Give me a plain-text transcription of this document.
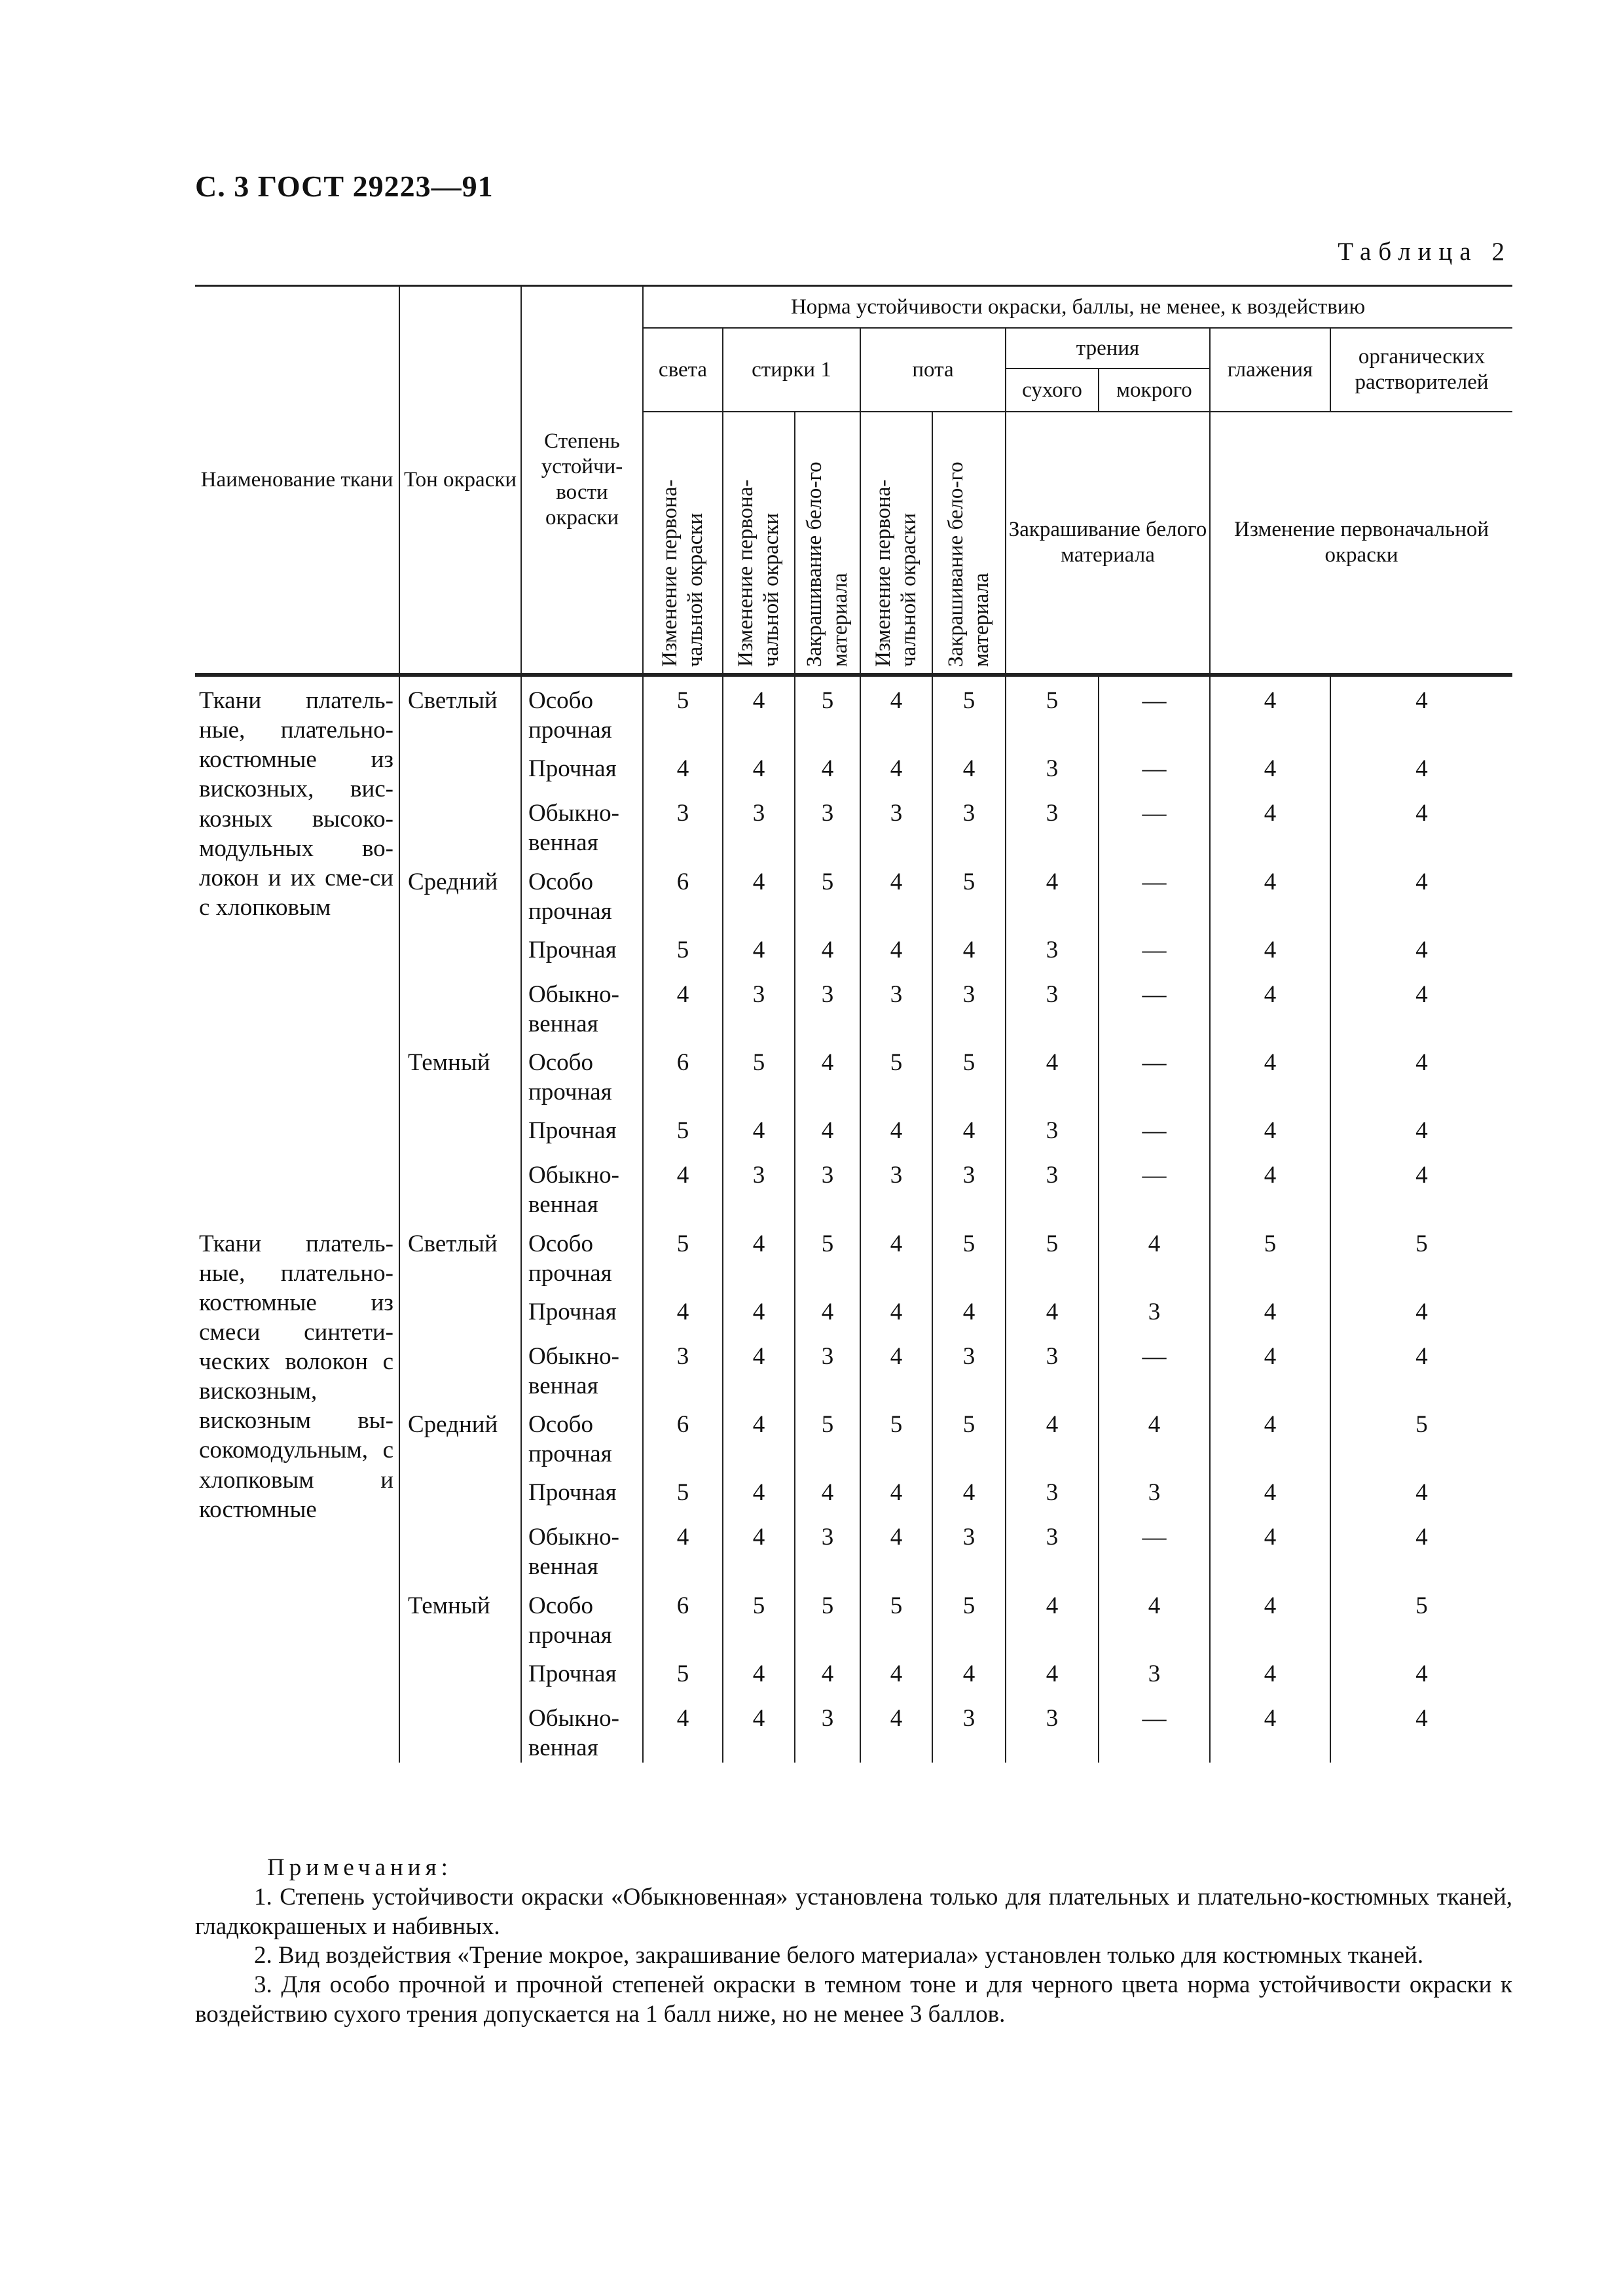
С. 3 ГОСТ 29223—91
Таблица 2
Наименование ткани	Тон окраски	Степень устойчи-вости окраски	Норма устойчивости окраски, баллы, не менее, к воздействию								
			света	стирки 1		пота		трения		глажения	органических растворителей
								сухого	мокрого		

			Изменение первона-чальной окраски	Изменение первона-чальной окраски	Закрашивание бело-го материала	Изменение первона-чальной окраски	Закрашивание бело-го материала	Закрашивание белого материала		Изменение первоначальной окраски	
Ткани платель-ные, плательно-костюмные из вискозных, вис-козных высоко-модульных во-локон и их сме-си с хлопковым	Светлый	Особо прочная	5	4	5	4	5	5	—	4	4
		Прочная	4	4	4	4	4	3	—	4	4
		Обыкно-венная	3	3	3	3	3	3	—	4	4
	Средний	Особо прочная	6	4	5	4	5	4	—	4	4
		Прочная	5	4	4	4	4	3	—	4	4
		Обыкно-венная	4	3	3	3	3	3	—	4	4
	Темный	Особо прочная	6	5	4	5	5	4	—	4	4
		Прочная	5	4	4	4	4	3	—	4	4
		Обыкно-венная	4	3	3	3	3	3	—	4	4
Ткани платель-ные, плательно-костюмные из смеси синтети-ческих волокон с вискозным, вискозным вы-сокомодульным, с хлопковым и костюмные	Светлый	Особо прочная	5	4	5	4	5	5	4	5	5
		Прочная	4	4	4	4	4	4	3	4	4
		Обыкно-венная	3	4	3	4	3	3	—	4	4
	Средний	Особо прочная	6	4	5	5	5	4	4	4	5
		Прочная	5	4	4	4	4	3	3	4	4
		Обыкно-венная	4	4	3	4	3	3	—	4	4
	Темный	Особо прочная	6	5	5	5	5	4	4	4	5
		Прочная	5	4	4	4	4	4	3	4	4
		Обыкно-венная	4	4	3	4	3	3	—	4	4
Примечания:

1. Степень устойчивости окраски «Обыкновенная» установлена только для плательных и плательно-костюмных тканей, гладкокрашеных и набивных.

2. Вид воздействия «Трение мокрое, закрашивание белого материала» установлен только для костюмных тканей.

3. Для особо прочной и прочной степеней окраски в темном тоне и для черного цвета норма устойчивости окраски к воздействию сухого трения допускается на 1 балл ниже, но не менее 3 баллов.
